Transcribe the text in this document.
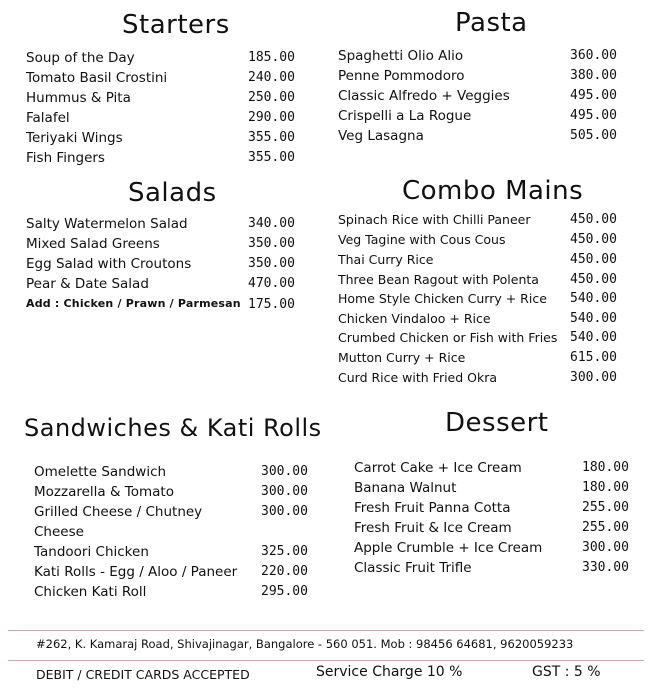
Starters
Soup of the Day	185.00
Tomato Basil Crostini	240.00
Hummus & Pita	250.00
Falafel	290.00
Teriyaki Wings	355.00
Fish Fingers	355.00
Pasta
Spaghetti Olio Alio	360.00
Penne Pommodoro	380.00
Classic Alfredo + Veggies	495.00
Crispelli a La Rogue	495.00
Veg Lasagna	505.00
Salads
Salty Watermelon Salad	340.00
Mixed Salad Greens	350.00
Egg Salad with Croutons	350.00
Pear & Date Salad	470.00
Add : Chicken / Prawn / Parmesan 175.00
Combo Mains
Spinach Rice with Chilli Paneer	450.00
Veg Tagine with Cous Cous	450.00
Thai Curry Rice	450.00
Three Bean Ragout with Polenta 450.00
Home Style Chicken Curry + Rice 540.00
Chicken Vindaloo + Rice	540.00
Crumbed Chicken or Fish with Fries 540.00
Mutton Curry + Rice	615.00
Curd Rice with Fried Okra	300.00
Sandwiches & Kati Rolls
Omelette Sandwich	300.00
Mozzarella & Tomato	300.00
Grilled Cheese / Chutney	300.00
Cheese
Tandoori Chicken	325.00
Kati Rolls - Egg / Aloo / Paneer 220.00
Chicken Kati Roll	295.00
Dessert
Carrot Cake + Ice Cream	180.00
Banana Walnut	180.00
Fresh Fruit Panna Cotta	255.00
Fresh Fruit & Ice Cream	255.00
Apple Crumble + Ice Cream	300.00
Classic Fruit Trifle	330.00
#262, K. Kamaraj Road, Shivajinagar, Bangalore - 560 051. Mob : 98456 64681, 9620059233
DEBIT / CREDIT CARDS ACCEPTED	Service Charge 10 %	GST : 5 %
